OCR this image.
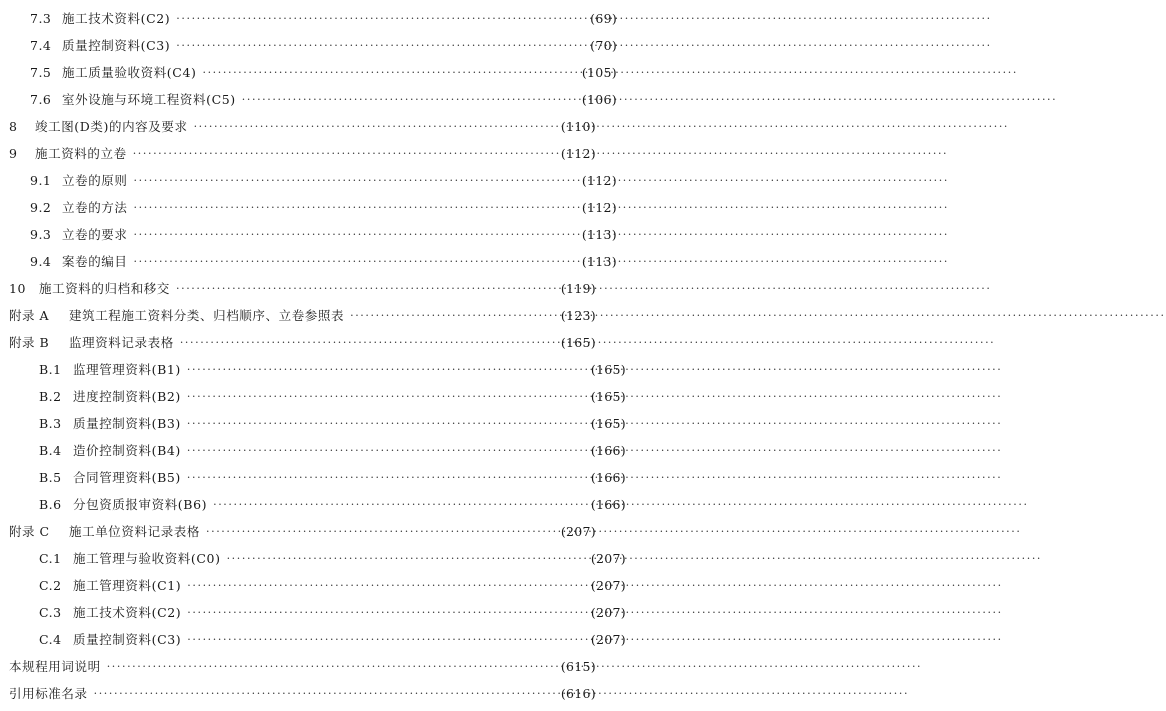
7.3 施工技术资料(C2) ·····	(69)
7.4 质量控制资料(C3) ·····	(70)
7.5 施工质量验收资料(C4) ·····	(105)
7.6 室外设施与环境工程资料(C5) ·····	(106)
8	竣工图(D类)的内容及要求 ·····	(110)
9	施工资料的立卷 ·····	(112)
9.1 立卷的原则 ·····	(112)
9.2 立卷的方法 ·····	(112)
9.3 立卷的要求 ·····	(113)
9.4 案卷的编目 ·····	(113)
10	施工资料的归档和移交 ·····	(119)
附录 A	建筑工程施工资料分类、归档顺序、立卷参照表 ·····	(123)
附录 B	监理资料记录表格 ·····	(165)
B.1 监理管理资料(B1) ·····	(165)
B.2 进度控制资料(B2) ·····	(165)
B.3 质量控制资料(B3) ·····	(165)
B.4 造价控制资料(B4) ·····	(166)
B.5 合同管理资料(B5) ·····	(166)
B.6 分包资质报审资料(B6) ·····	(166)
附录 C	施工单位资料记录表格 ·····	(207)
C.1 施工管理与验收资料(C0) ·····	(207)
C.2 施工管理资料(C1) ·····	(207)
C.3 施工技术资料(C2) ·····	(207)
C.4 质量控制资料(C3) ·····	(207)
本规程用词说明 ·····	(615)
引用标准名录 ·····	(616)
